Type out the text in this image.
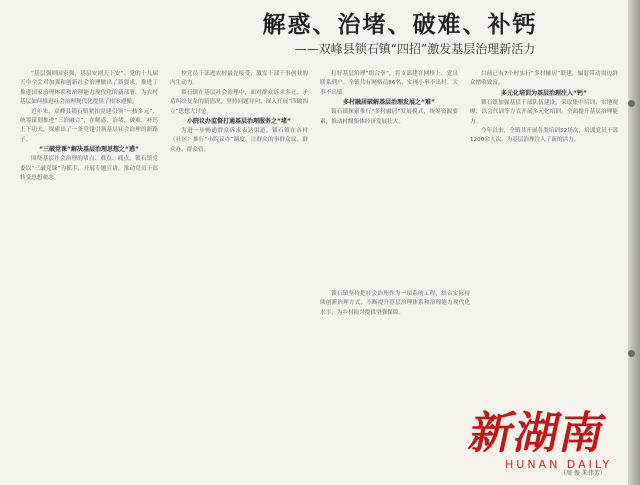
解惑、治堵、破难、补钙
——双峰县锁石镇“四招”激发基层治理新活力

“基层强则国家强，基层安则天下安”。党的十九届五中全会对加强和创新社会治理做出了新要求，推进了推进国家治理体系和治理能力现代化的新部署。为农村基层如何推进社会治理现代化提供了根本遵循。

近年来，双峰县锁石镇紧扣党建引领“一核多元”，统筹谋划推进“三治融合”，在解惑、治堵、破难、补钙上下功夫，探索出了一条党建引领基层社会治理的新路子。

“三破党课”解决基层治理思想之“惑”

围绕基层社会治理的堵点、难点、痛点，锁石镇党委以“三破党课”为抓手，开展专题宣讲，推动党员干部转变思想观念。

控党员干部进农村最先接受，激发干部干事创业的内生动力。

锁石镇在基层社会治理中，面对群众诉求多元、矛盾纠纷复杂的新情况，坚持问题导向，深入开展“四破四立”思想大讨论。

小院议办监督打通基层治理服务之“堵”

为进一步畅通群众诉求表达渠道，锁石镇在各村（社区）推行“小院议办”制度，让群众的事群众议、群众办、群众管。

打好基层治理“组合拳”，将支部建在网格上，党员联系到户。全镇共有网格员86名，实现小事不出村、大事不出镇。

多村融居破解基层治理发展之“难”

锁石镇探索推行“多村融居”发展模式，统筹资源要素，推动村级集体经济发展壮大。

目前已有7个村实行“多村融居”联建，辐射带动周边群众增收致富。

多元化培训为基层治理注入“钙”

锁石镇加强基层干部队伍建设，采取集中培训、实地观摩、以会代训等方式开展多元化培训，全面提升基层治理能力。

今年以来，全镇共开展各类培训32场次，培训党员干部1200余人次，为基层治理注入了新的活力。

锁石镇坚持把社会治理作为一项系统工程，结合实际持续创新治理方式，不断提升基层治理体系和治理能力现代化水平，为乡村振兴提供坚强保障。

新湖南
HUNAN DAILY
（周 俊 朱伟芳）
